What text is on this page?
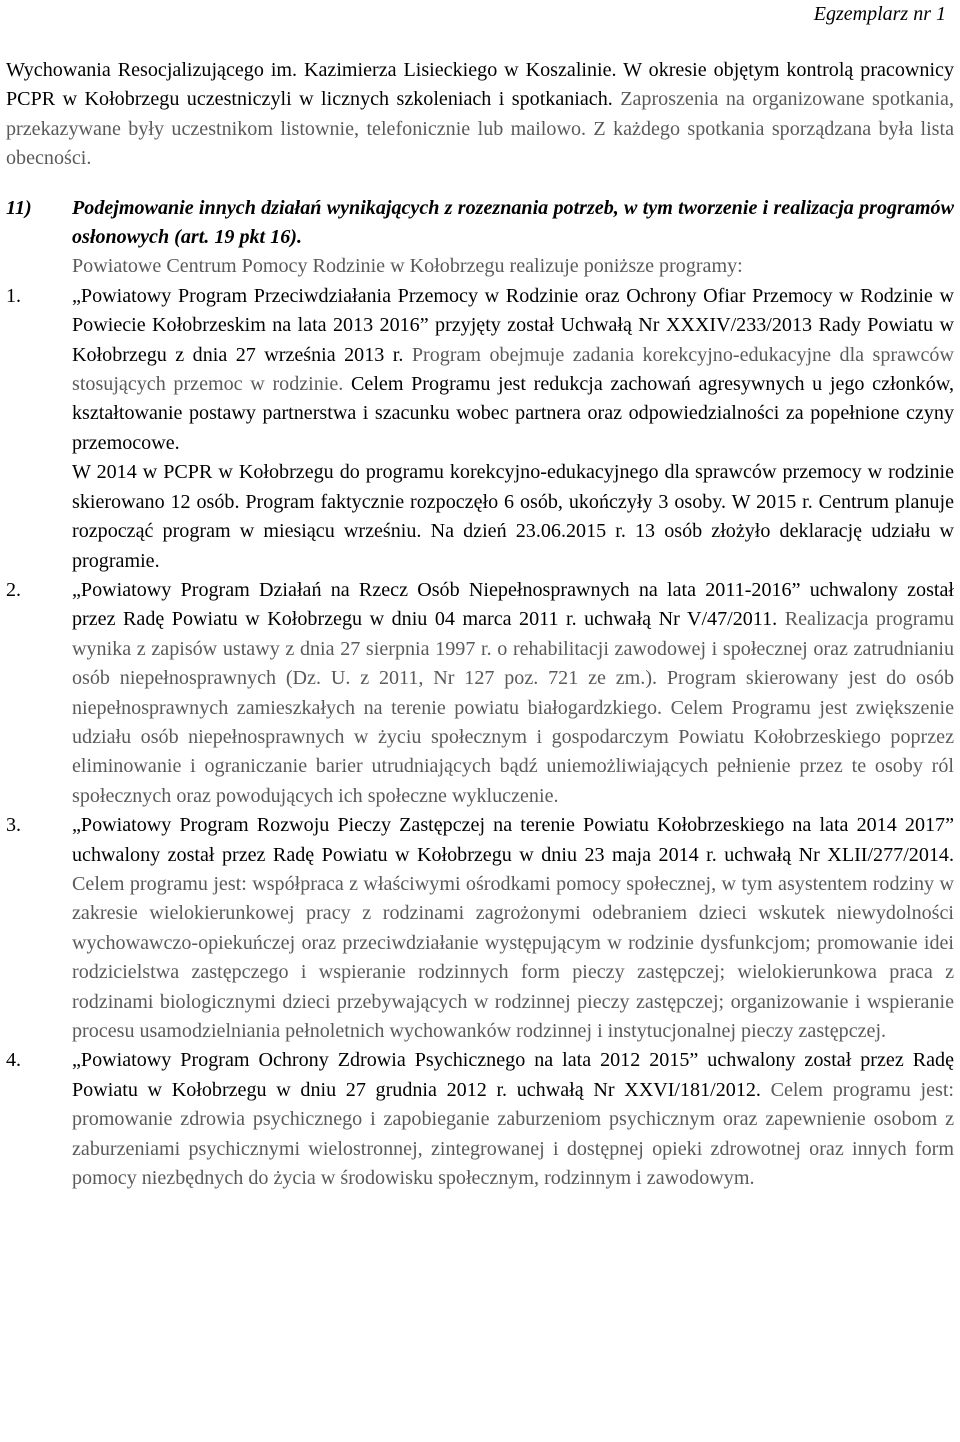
Egzemplarz nr 1

Wychowania Resocjalizującego im. Kazimierza Lisieckiego w Koszalinie. W okresie objętym kontrolą pracownicy PCPR w Kołobrzegu uczestniczyli w licznych szkoleniach i spotkaniach. Zaproszenia na organizowane spotkania, przekazywane były uczestnikom listownie, telefonicznie lub mailowo. Z każdego spotkania sporządzana była lista obecności.

11)	Podejmowanie innych działań wynikających z rozeznania potrzeb, w tym tworzenie i realizacja programów osłonowych (art. 19 pkt 16).

Powiatowe Centrum Pomocy Rodzinie w Kołobrzegu realizuje poniższe programy:

1.	„Powiatowy Program Przeciwdziałania Przemocy w Rodzinie oraz Ochrony Ofiar Przemocy w Rodzinie w Powiecie Kołobrzeskim na lata 2013 2016” przyjęty został Uchwałą Nr XXXIV/233/2013 Rady Powiatu w Kołobrzegu z dnia 27 września 2013 r. Program obejmuje zadania korekcyjno-edukacyjne dla sprawców stosujących przemoc w rodzinie. Celem Programu jest redukcja zachowań agresywnych u jego członków, kształtowanie postawy partnerstwa i szacunku wobec partnera oraz odpowiedzialności za popełnione czyny przemocowe.

W 2014 w PCPR w Kołobrzegu do programu korekcyjno-edukacyjnego dla sprawców przemocy w rodzinie skierowano 12 osób. Program faktycznie rozpoczęło 6 osób, ukończyły 3 osoby. W 2015 r. Centrum planuje rozpocząć program w miesiącu wrześniu. Na dzień 23.06.2015 r. 13 osób złożyło deklarację udziału w programie.

2.	„Powiatowy Program Działań na Rzecz Osób Niepełnosprawnych na lata 2011-2016” uchwalony został przez Radę Powiatu w Kołobrzegu w dniu 04 marca 2011 r. uchwałą Nr V/47/2011. Realizacja programu wynika z zapisów ustawy z dnia 27 sierpnia 1997 r. o rehabilitacji zawodowej i społecznej oraz zatrudnianiu osób niepełnosprawnych (Dz. U. z 2011, Nr 127 poz. 721 ze zm.). Program skierowany jest do osób niepełnosprawnych zamieszkałych na terenie powiatu białogardzkiego. Celem Programu jest zwiększenie udziału osób niepełnosprawnych w życiu społecznym i gospodarczym Powiatu Kołobrzeskiego poprzez eliminowanie i ograniczanie barier utrudniających bądź uniemożliwiających pełnienie przez te osoby ról społecznych oraz powodujących ich społeczne wykluczenie.

3.	„Powiatowy Program Rozwoju Pieczy Zastępczej na terenie Powiatu Kołobrzeskiego na lata 2014 2017” uchwalony został przez Radę Powiatu w Kołobrzegu w dniu 23 maja 2014 r. uchwałą Nr XLII/277/2014. Celem programu jest: współpraca z właściwymi ośrodkami pomocy społecznej, w tym asystentem rodziny w zakresie wielokierunkowej pracy z rodzinami zagrożonymi odebraniem dzieci wskutek niewydolności wychowawczo-opiekuńczej oraz przeciwdziałanie występującym w rodzinie dysfunkcjom; promowanie idei rodzicielstwa zastępczego i wspieranie rodzinnych form pieczy zastępczej; wielokierunkowa praca z rodzinami biologicznymi dzieci przebywających w rodzinnej pieczy zastępczej; organizowanie i wspieranie procesu usamodzielniania pełnoletnich wychowanków rodzinnej i instytucjonalnej pieczy zastępczej.

4.	„Powiatowy Program Ochrony Zdrowia Psychicznego na lata 2012 2015” uchwalony został przez Radę Powiatu w Kołobrzegu w dniu 27 grudnia 2012 r. uchwałą Nr XXVI/181/2012. Celem programu jest: promowanie zdrowia psychicznego i zapobieganie zaburzeniom psychicznym oraz zapewnienie osobom z zaburzeniami psychicznymi wielostronnej, zintegrowanej i dostępnej opieki zdrowotnej oraz innych form pomocy niezbędnych do życia w środowisku społecznym, rodzinnym i zawodowym.
